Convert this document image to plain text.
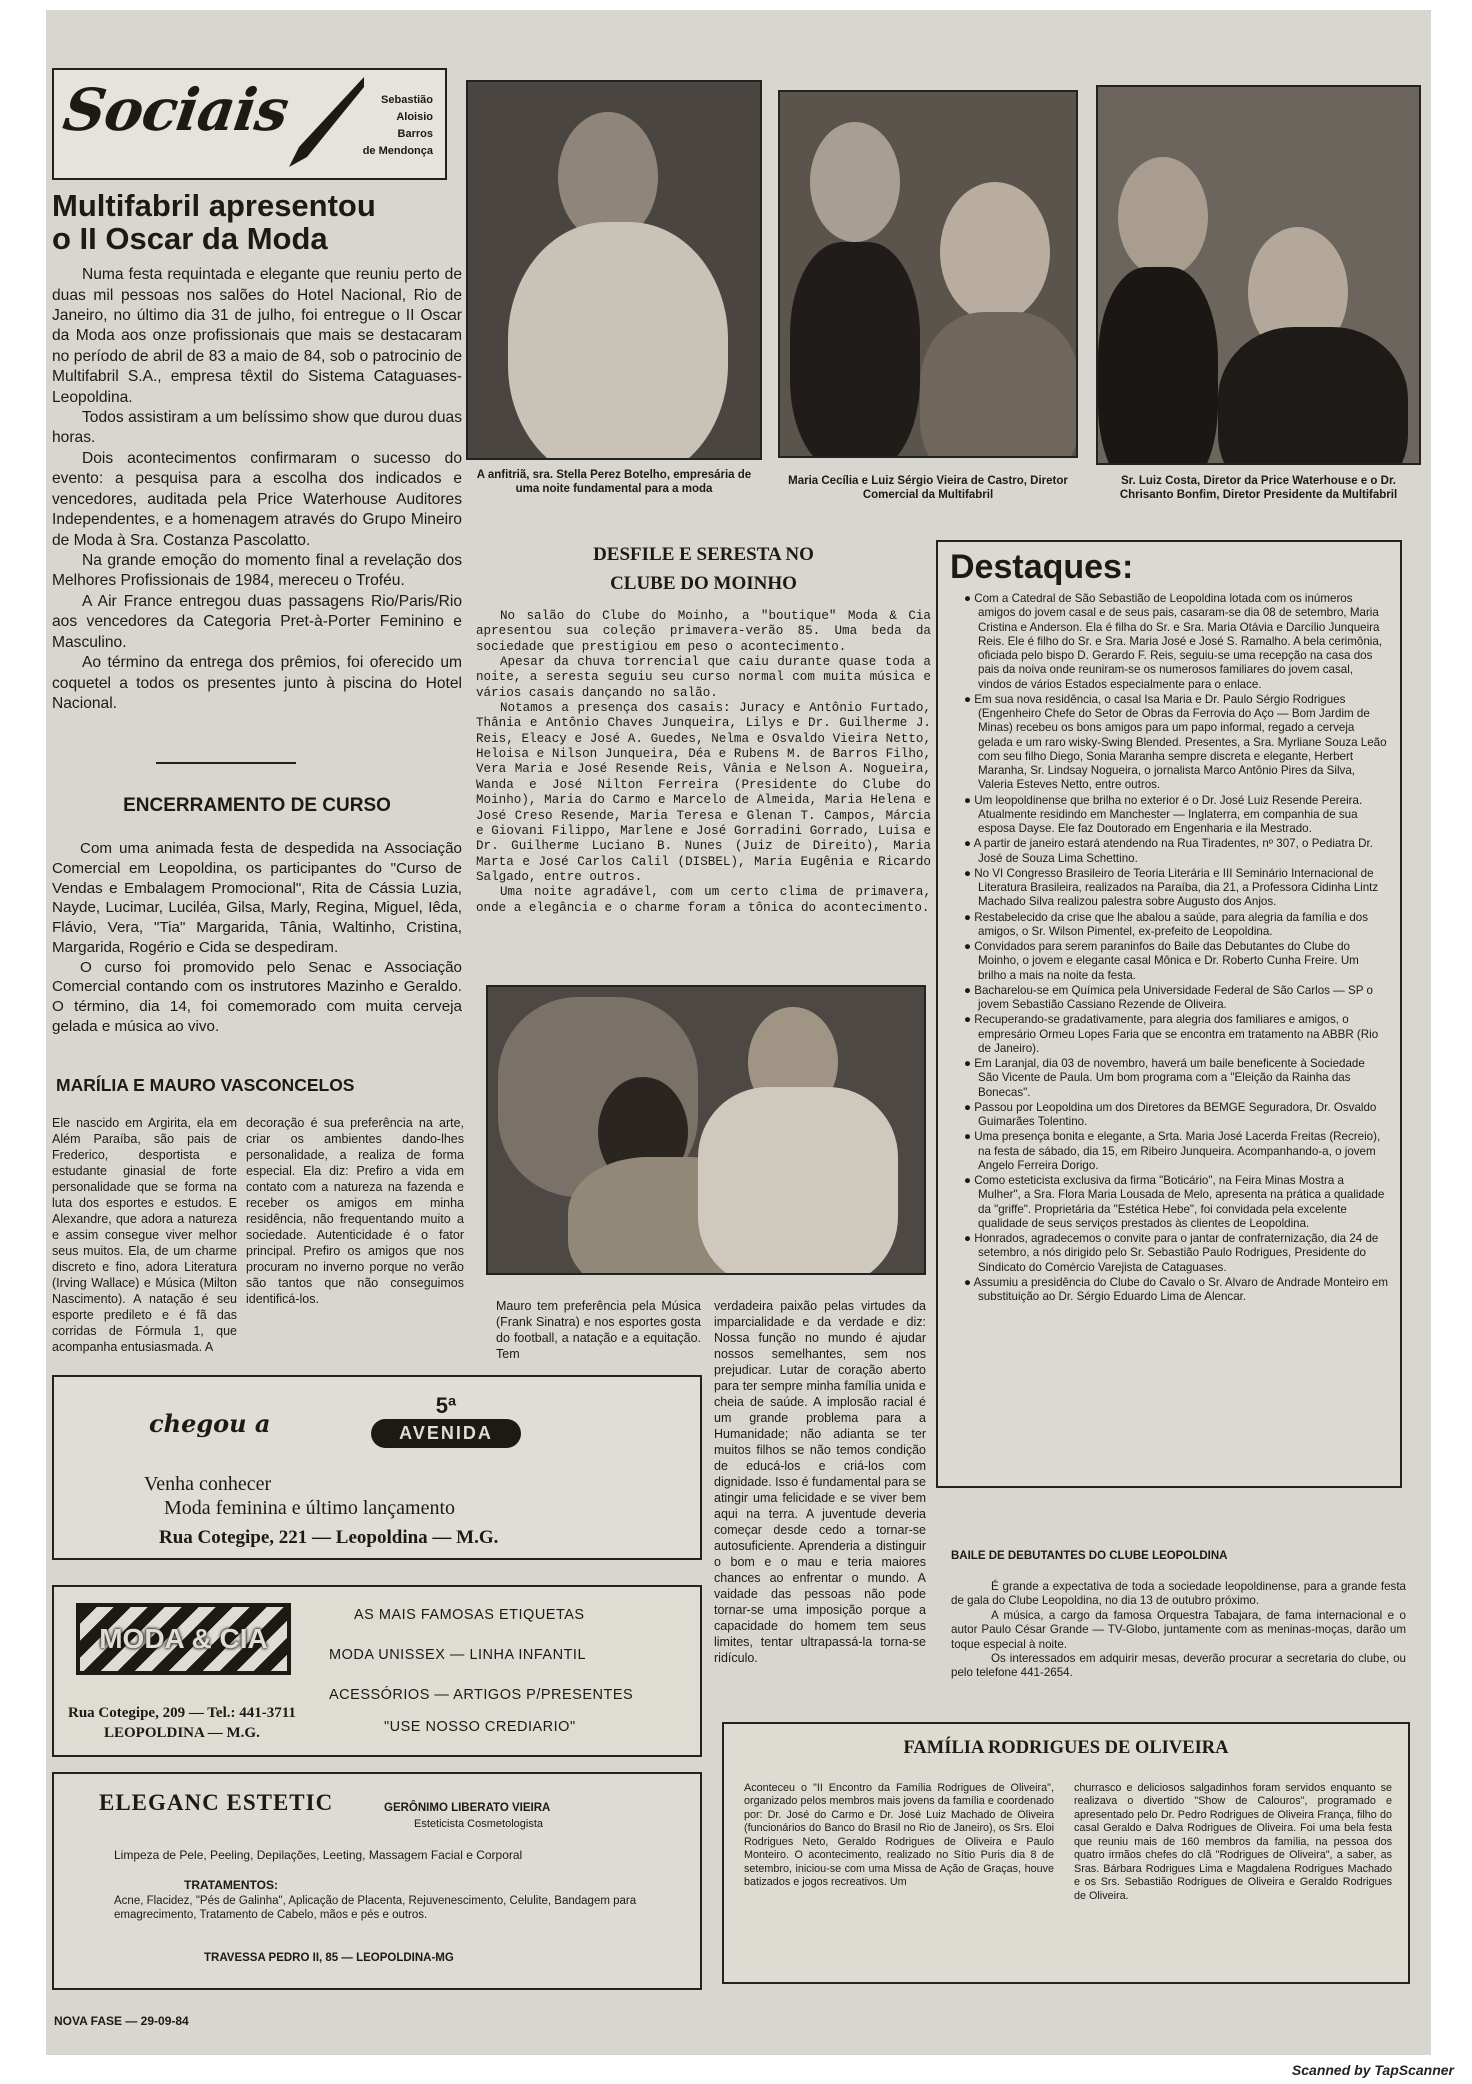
Sociais	Sebastião
Aloisio
Barros
de Mendonça
Multifabril apresentou
o II Oscar da Moda

Numa festa requintada e elegante que reuniu perto de duas mil pessoas nos salões do Hotel Nacional, Rio de Janeiro, no último dia 31 de julho, foi entregue o II Oscar da Moda aos onze profissionais que mais se destacaram no período de abril de 83 a maio de 84, sob o patrocinio de Multifabril S.A., empresa têxtil do Sistema Cataguases-Leopoldina.

Todos assistiram a um belíssimo show que durou duas horas.

Dois acontecimentos confirmaram o sucesso do evento: a pesquisa para a escolha dos indicados e vencedores, auditada pela Price Waterhouse Auditores Independentes, e a homenagem através do Grupo Mineiro de Moda à Sra. Costanza Pascolatto.

Na grande emoção do momento final a revelação dos Melhores Profissionais de 1984, mereceu o Troféu.

A Air France entregou duas passagens Rio/Paris/Rio aos vencedores da Categoria Pret-à-Porter Feminino e Masculino.

Ao término da entrega dos prêmios, foi oferecido um coquetel a todos os presentes junto à piscina do Hotel Nacional.

A anfitriã, sra. Stella Perez Botelho, empresária de uma noite fundamental para a moda
Maria Cecília e Luiz Sérgio Vieira de Castro, Diretor Comercial da Multifabril
Sr. Luiz Costa, Diretor da Price Waterhouse e o Dr. Chrisanto Bonfim, Diretor Presidente da Multifabril
DESFILE E SERESTA NO
CLUBE DO MOINHO

No salão do Clube do Moinho, a "boutique" Moda & Cia apresentou sua coleção primavera-verão 85. Uma beda da sociedade que prestigiou em peso o acontecimento.

Apesar da chuva torrencial que caiu durante quase toda a noite, a seresta seguiu seu curso normal com muita música e vários casais dançando no salão.

Notamos a presença dos casais: Juracy e Antônio Furtado, Thânia e Antônio Chaves Junqueira, Lilys e Dr. Guilherme J. Reis, Eleacy e José A. Guedes, Nelma e Osvaldo Vieira Netto, Heloisa e Nilson Junqueira, Déa e Rubens M. de Barros Filho, Vera Maria e José Resende Reis, Vânia e Nelson A. Nogueira, Wanda e José Nilton Ferreira (Presidente do Clube do Moinho), Maria do Carmo e Marcelo de Almeida, Maria Helena e José Creso Resende, Maria Teresa e Glenan T. Campos, Márcia e Giovani Filippo, Marlene e José Gorradini Gorrado, Luisa e Dr. Guilherme Luciano B. Nunes (Juiz de Direito), Maria Marta e José Carlos Calil (DISBEL), Maria Eugênia e Ricardo Salgado, entre outros.

Uma noite agradável, com um certo clima de primavera, onde a elegância e o charme foram a tônica do acontecimento.

Destaques:

● Com a Catedral de São Sebastião de Leopoldina lotada com os inúmeros amigos do jovem casal e de seus pais, casaram-se dia 08 de setembro, Maria Cristina e Anderson. Ela é filha do Sr. e Sra. Maria Otávia e Darcílio Junqueira Reis. Ele é filho do Sr. e Sra. Maria José e José S. Ramalho. A bela cerimônia, oficiada pelo bispo D. Gerardo F. Reis, seguiu-se uma recepção na casa dos pais da noiva onde reuniram-se os numerosos familiares do jovem casal, vindos de vários Estados especialmente para o enlace.

● Em sua nova residência, o casal Isa Maria e Dr. Paulo Sérgio Rodrigues (Engenheiro Chefe do Setor de Obras da Ferrovia do Aço — Bom Jardim de Minas) recebeu os bons amigos para um papo informal, regado a cerveja gelada e um raro wisky-Swing Blended. Presentes, a Sra. Myrliane Souza Leão com seu filho Diego, Sonia Maranha sempre discreta e elegante, Herbert Maranha, Sr. Lindsay Nogueira, o jornalista Marco Antônio Pires da Silva, Valeria Esteves Netto, entre outros.

● Um leopoldinense que brilha no exterior é o Dr. José Luiz Resende Pereira. Atualmente residindo em Manchester — Inglaterra, em companhia de sua esposa Dayse. Ele faz Doutorado em Engenharia e ila Mestrado.

● A partir de janeiro estará atendendo na Rua Tiradentes, nº 307, o Pediatra Dr. José de Souza Lima Schettino.

● No VI Congresso Brasileiro de Teoria Literária e III Seminário Internacional de Literatura Brasileira, realizados na Paraíba, dia 21, a Professora Cidinha Lintz Machado Silva realizou palestra sobre Augusto dos Anjos.

● Restabelecido da crise que lhe abalou a saúde, para alegria da família e dos amigos, o Sr. Wilson Pimentel, ex-prefeito de Leopoldina.

● Convidados para serem paraninfos do Baile das Debutantes do Clube do Moinho, o jovem e elegante casal Mônica e Dr. Roberto Cunha Freire. Um brilho a mais na noite da festa.

● Bacharelou-se em Química pela Universidade Federal de São Carlos — SP o jovem Sebastião Cassiano Rezende de Oliveira.

● Recuperando-se gradativamente, para alegria dos familiares e amigos, o empresário Ormeu Lopes Faria que se encontra em tratamento na ABBR (Rio de Janeiro).

● Em Laranjal, dia 03 de novembro, haverá um baile beneficente à Sociedade São Vicente de Paula. Um bom programa com a "Eleição da Rainha das Bonecas".

● Passou por Leopoldina um dos Diretores da BEMGE Seguradora, Dr. Osvaldo Guimarães Tolentino.

● Uma presença bonita e elegante, a Srta. Maria José Lacerda Freitas (Recreio), na festa de sábado, dia 15, em Ribeiro Junqueira. Acompanhando-a, o jovem Angelo Ferreira Dorigo.

● Como esteticista exclusiva da firma "Boticário", na Feira Minas Mostra a Mulher", a Sra. Flora Maria Lousada de Melo, apresenta na prática a qualidade da "griffe". Proprietária da "Estética Hebe", foi convidada pela excelente qualidade de seus serviços prestados às clientes de Leopoldina.

● Honrados, agradecemos o convite para o jantar de confraternização, dia 24 de setembro, a nós dirigido pelo Sr. Sebastião Paulo Rodrigues, Presidente do Sindicato do Comércio Varejista de Cataguases.

● Assumiu a presidência do Clube do Cavalo o Sr. Alvaro de Andrade Monteiro em substituição ao Dr. Sérgio Eduardo Lima de Alencar.

ENCERRAMENTO DE CURSO

Com uma animada festa de despedida na Associação Comercial em Leopoldina, os participantes do "Curso de Vendas e Embalagem Promocional", Rita de Cássia Luzia, Nayde, Lucimar, Luciléa, Gilsa, Marly, Regina, Miguel, Iêda, Flávio, Vera, "Tia" Margarida, Tânia, Waltinho, Cristina, Margarida, Rogério e Cida se despediram.

O curso foi promovido pelo Senac e Associação Comercial contando com os instrutores Mazinho e Geraldo. O término, dia 14, foi comemorado com muita cerveja gelada e música ao vivo.

MARÍLIA E MAURO VASCONCELOS
Ele nascido em Argirita, ela em Além Paraíba, são pais de Frederico, desportista e estudante ginasial de forte personalidade que se forma na luta dos esportes e estudos. E Alexandre, que adora a natureza e assim consegue viver melhor seus muitos. Ela, de um charme discreto e fino, adora Literatura (Irving Wallace) e Música (Milton Nascimento). A natação é seu esporte predileto e é fã das corridas de Fórmula 1, que acompanha entusiasmada. A
decoração é sua preferência na arte, criar os ambientes dando-lhes personalidade, a realiza de forma especial. Ela diz: Prefiro a vida em contato com a natureza na fazenda e receber os amigos em minha residência, não frequentando muito a sociedade. Autenticidade é o fator principal. Prefiro os amigos que nos procuram no inverno porque no verão são tantos que não conseguimos identificá-los.	Mauro tem preferência pela Música (Frank Sinatra) e nos esportes gosta do football, a natação e a equitação. Tem
verdadeira paixão pelas virtudes da imparcialidade e da verdade e diz: Nossa função no mundo é ajudar nossos semelhantes, sem nos prejudicar. Lutar de coração aberto para ter sempre minha família unida e cheia de saúde. A implosão racial é um grande problema para a Humanidade; não adianta se ter muitos filhos se não temos condição de educá-los e criá-los com dignidade. Isso é fundamental para se atingir uma felicidade e se viver bem aqui na terra. A juventude deveria começar desde cedo a tornar-se autosuficiente. Aprenderia a distinguir o bom e o mau e teria maiores chances ao enfrentar o mundo. A vaidade das pessoas não pode tornar-se uma imposição porque a capacidade do homem tem seus limites, tentar ultrapassá-la torna-se ridículo.
chegou a
5ª
AVENIDA
Venha conhecer
Moda feminina e último lançamento
Rua Cotegipe, 221 — Leopoldina — M.G.
MODA & CIA
AS MAIS FAMOSAS ETIQUETAS
MODA UNISSEX — LINHA INFANTIL
ACESSÓRIOS — ARTIGOS P/PRESENTES
"USE NOSSO CREDIARIO"
Rua Cotegipe, 209 — Tel.: 441-3711
LEOPOLDINA — M.G.
ELEGANC ESTETIC	GERÔNIMO LIBERATO VIEIRA
Esteticista Cosmetologista
Limpeza de Pele, Peeling, Depilações, Leeting, Massagem Facial e Corporal
TRATAMENTOS:
Acne, Flacidez, "Pés de Galinha", Aplicação de Placenta, Rejuvenescimento, Celulite, Bandagem para emagrecimento, Tratamento de Cabelo, mãos e pés e outros.
TRAVESSA PEDRO II, 85 — LEOPOLDINA-MG
BAILE DE DEBUTANTES DO CLUBE LEOPOLDINA

É grande a expectativa de toda a sociedade leopoldinense, para a grande festa de gala do Clube Leopoldina, no dia 13 de outubro próximo.

A música, a cargo da famosa Orquestra Tabajara, de fama internacional e o autor Paulo César Grande — TV-Globo, juntamente com as meninas-moças, darão um toque especial à noite.

Os interessados em adquirir mesas, deverão procurar a secretaria do clube, ou pelo telefone 441-2654.

FAMÍLIA RODRIGUES DE OLIVEIRA
Aconteceu o "II Encontro da Família Rodrigues de Oliveira", organizado pelos membros mais jovens da família e coordenado por: Dr. José do Carmo e Dr. José Luiz Machado de Oliveira (funcionários do Banco do Brasil no Rio de Janeiro), os Srs. Eloi Rodrigues Neto, Geraldo Rodrigues de Oliveira e Paulo Monteiro. O acontecimento, realizado no Sítio Puris dia 8 de setembro, iniciou-se com uma Missa de Ação de Graças, houve batizados e jogos recreativos. Um
churrasco e deliciosos salgadinhos foram servidos enquanto se realizava o divertido "Show de Calouros", programado e apresentado pelo Dr. Pedro Rodrigues de Oliveira França, filho do casal Geraldo e Dalva Rodrigues de Oliveira. Foi uma bela festa que reuniu mais de 160 membros da família, na pessoa dos quatro irmãos chefes do clã "Rodrigues de Oliveira", a saber, as Sras. Bárbara Rodrigues Lima e Magdalena Rodrigues Machado e os Srs. Sebastião Rodrigues de Oliveira e Geraldo Rodrigues de Oliveira.
NOVA FASE — 29-09-84
Scanned by TapScanner
